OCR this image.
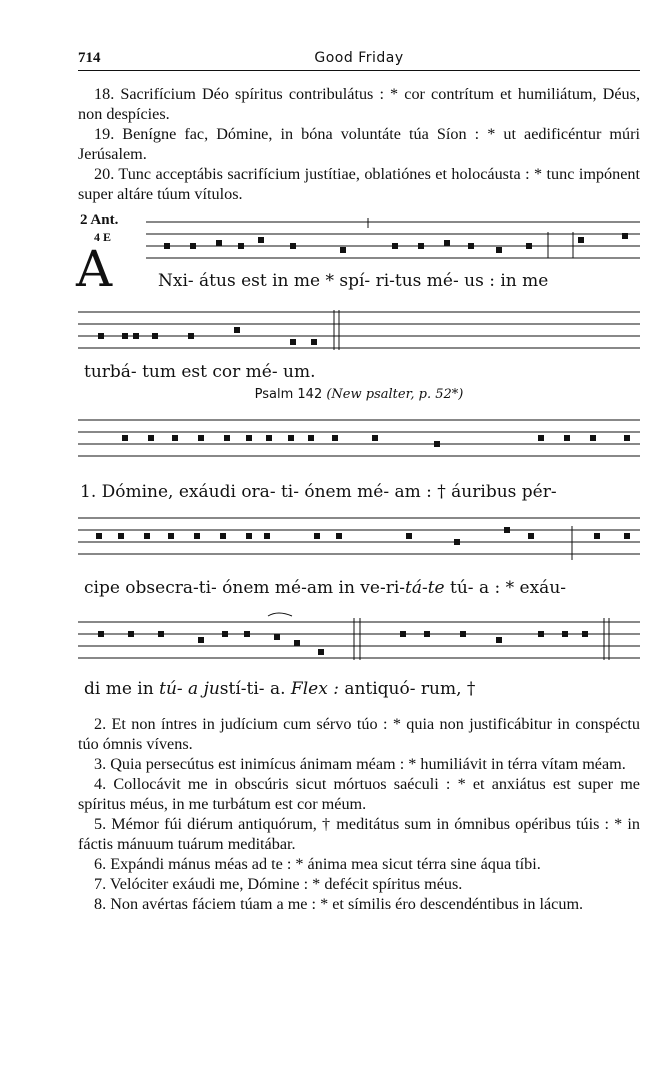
714	Good Friday

18. Sacrifícium Déo spíritus contribulátus : * cor contrítum et humiliátum, Déus, non despícies.

19. Benígne fac, Dómine, in bóna voluntáte túa Síon : * ut aedificéntur múri Jerúsalem.

20. Tunc acceptábis sacrifícium justítiae, oblatiónes et holocáusta : * tunc impónent super altáre túum vítulos.

2 Ant.
4 E
A	Nxi- átus est in me * spí- ri-tus mé- us : in me
turbá- tum est cor mé- um.
Psalm 142 (New psalter, p. 52*)
1. Dómine, exáudi ora- ti- ónem mé- am : † áuribus pér-
cipe obsecra-ti- ónem mé-am in ve-ri-tá-te tú- a : * exáu-
di me in tú- a justí-ti- a. Flex : antiquó- rum, †

2. Et non íntres in judícium cum sérvo túo : * quia non justificábitur in conspéctu túo ómnis vívens.

3. Quia persecútus est inimícus ánimam méam : * humiliávit in térra vítam méam.

4. Collocávit me in obscúris sicut mórtuos saéculi : * et anxiátus est super me spíritus méus, in me turbátum est cor méum.

5. Mémor fúi diérum antiquórum, † meditátus sum in ómnibus opéribus túis : * in fáctis mánuum tuárum meditábar.

6. Expándi mánus méas ad te : * ánima mea sicut térra sine áqua tíbi.

7. Velóciter exáudi me, Dómine : * defécit spíritus méus.

8. Non avértas fáciem túam a me : * et símilis éro descendéntibus in lácum.
